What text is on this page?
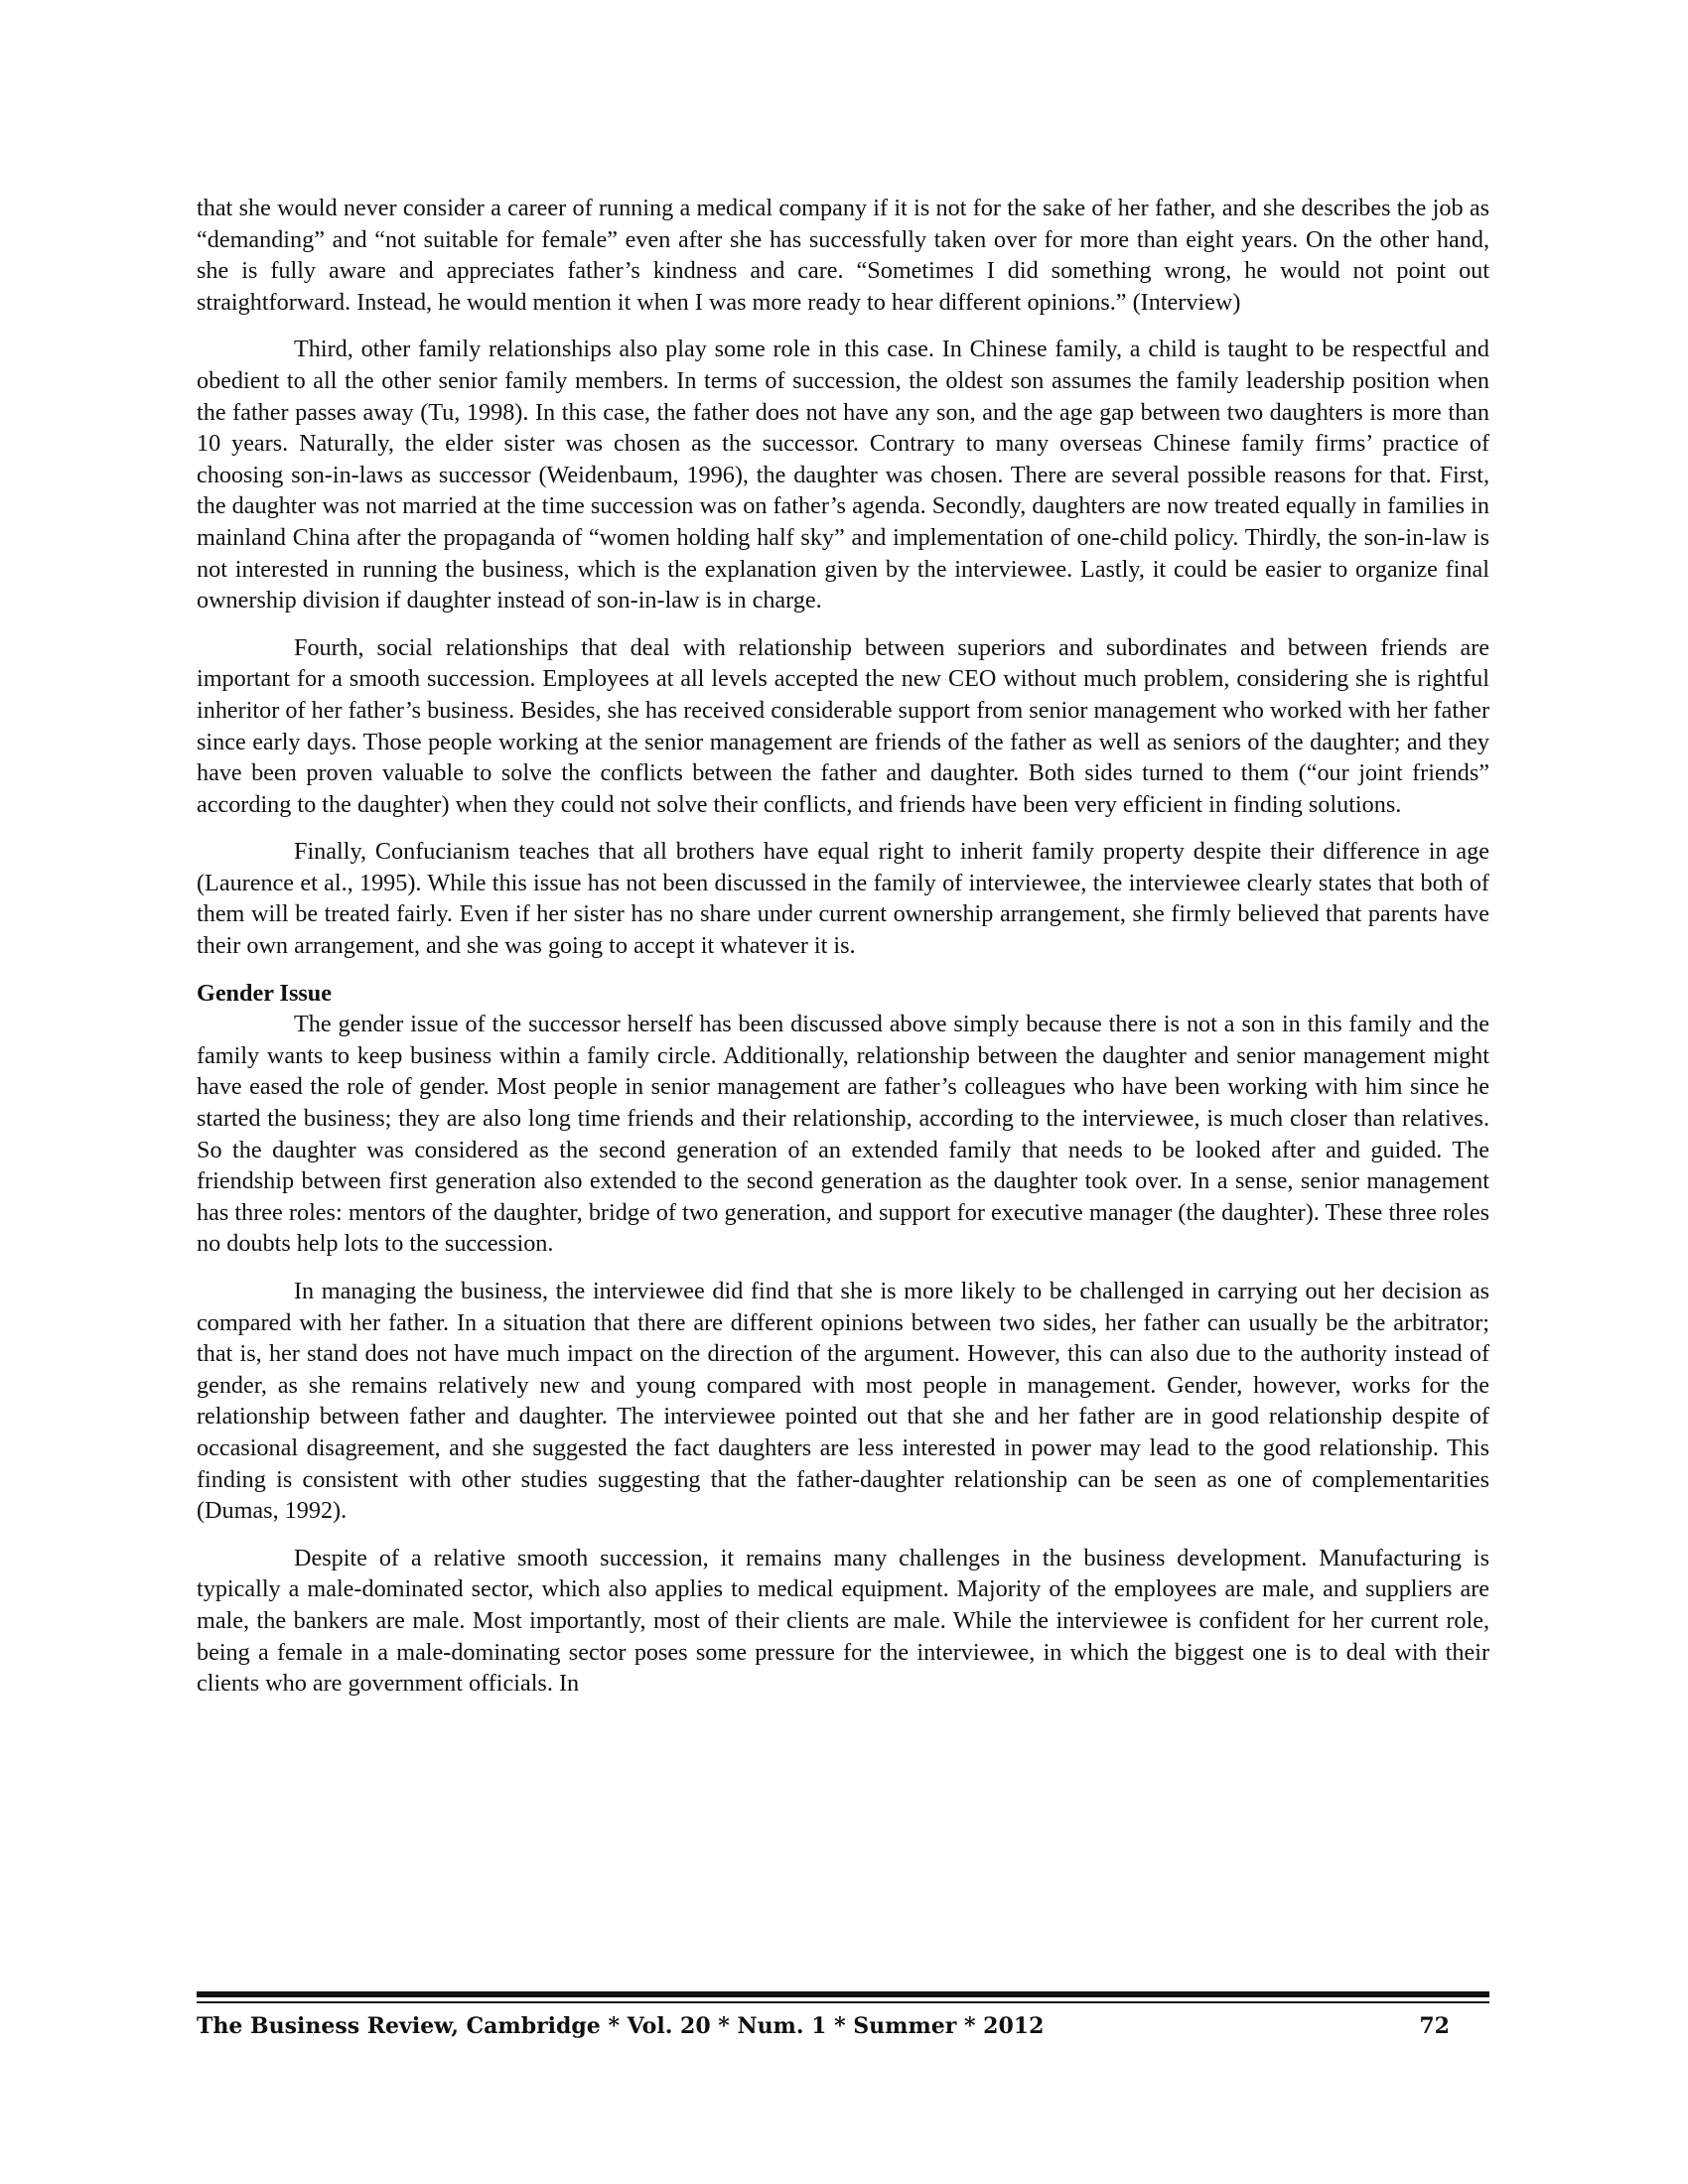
that she would never consider a career of running a medical company if it is not for the sake of her father, and she describes the job as “demanding” and “not suitable for female” even after she has successfully taken over for more than eight years. On the other hand, she is fully aware and appreciates father’s kindness and care. “Sometimes I did something wrong, he would not point out straightforward. Instead, he would mention it when I was more ready to hear different opinions.” (Interview)

Third, other family relationships also play some role in this case. In Chinese family, a child is taught to be respectful and obedient to all the other senior family members. In terms of succession, the oldest son assumes the family leadership position when the father passes away (Tu, 1998). In this case, the father does not have any son, and the age gap between two daughters is more than 10 years. Naturally, the elder sister was chosen as the successor. Contrary to many overseas Chinese family firms’ practice of choosing son-in-laws as successor (Weidenbaum, 1996), the daughter was chosen. There are several possible reasons for that. First, the daughter was not married at the time succession was on father’s agenda. Secondly, daughters are now treated equally in families in mainland China after the propaganda of “women holding half sky” and implementation of one-child policy. Thirdly, the son-in-law is not interested in running the business, which is the explanation given by the interviewee. Lastly, it could be easier to organize final ownership division if daughter instead of son-in-law is in charge.

Fourth, social relationships that deal with relationship between superiors and subordinates and between friends are important for a smooth succession. Employees at all levels accepted the new CEO without much problem, considering she is rightful inheritor of her father’s business. Besides, she has received considerable support from senior management who worked with her father since early days. Those people working at the senior management are friends of the father as well as seniors of the daughter; and they have been proven valuable to solve the conflicts between the father and daughter. Both sides turned to them (“our joint friends” according to the daughter) when they could not solve their conflicts, and friends have been very efficient in finding solutions.

Finally, Confucianism teaches that all brothers have equal right to inherit family property despite their difference in age (Laurence et al., 1995). While this issue has not been discussed in the family of interviewee, the interviewee clearly states that both of them will be treated fairly. Even if her sister has no share under current ownership arrangement, she firmly believed that parents have their own arrangement, and she was going to accept it whatever it is.

Gender Issue

The gender issue of the successor herself has been discussed above simply because there is not a son in this family and the family wants to keep business within a family circle. Additionally, relationship between the daughter and senior management might have eased the role of gender. Most people in senior management are father’s colleagues who have been working with him since he started the business; they are also long time friends and their relationship, according to the interviewee, is much closer than relatives. So the daughter was considered as the second generation of an extended family that needs to be looked after and guided. The friendship between first generation also extended to the second generation as the daughter took over. In a sense, senior management has three roles: mentors of the daughter, bridge of two generation, and support for executive manager (the daughter). These three roles no doubts help lots to the succession.

In managing the business, the interviewee did find that she is more likely to be challenged in carrying out her decision as compared with her father. In a situation that there are different opinions between two sides, her father can usually be the arbitrator; that is, her stand does not have much impact on the direction of the argument. However, this can also due to the authority instead of gender, as she remains relatively new and young compared with most people in management. Gender, however, works for the relationship between father and daughter. The interviewee pointed out that she and her father are in good relationship despite of occasional disagreement, and she suggested the fact daughters are less interested in power may lead to the good relationship. This finding is consistent with other studies suggesting that the father-daughter relationship can be seen as one of complementarities (Dumas, 1992).

Despite of a relative smooth succession, it remains many challenges in the business development. Manufacturing is typically a male-dominated sector, which also applies to medical equipment. Majority of the employees are male, and suppliers are male, the bankers are male. Most importantly, most of their clients are male. While the interviewee is confident for her current role, being a female in a male-dominating sector poses some pressure for the interviewee, in which the biggest one is to deal with their clients who are government officials. In

The Business Review, Cambridge * Vol. 20 * Num. 1 * Summer * 2012	72
